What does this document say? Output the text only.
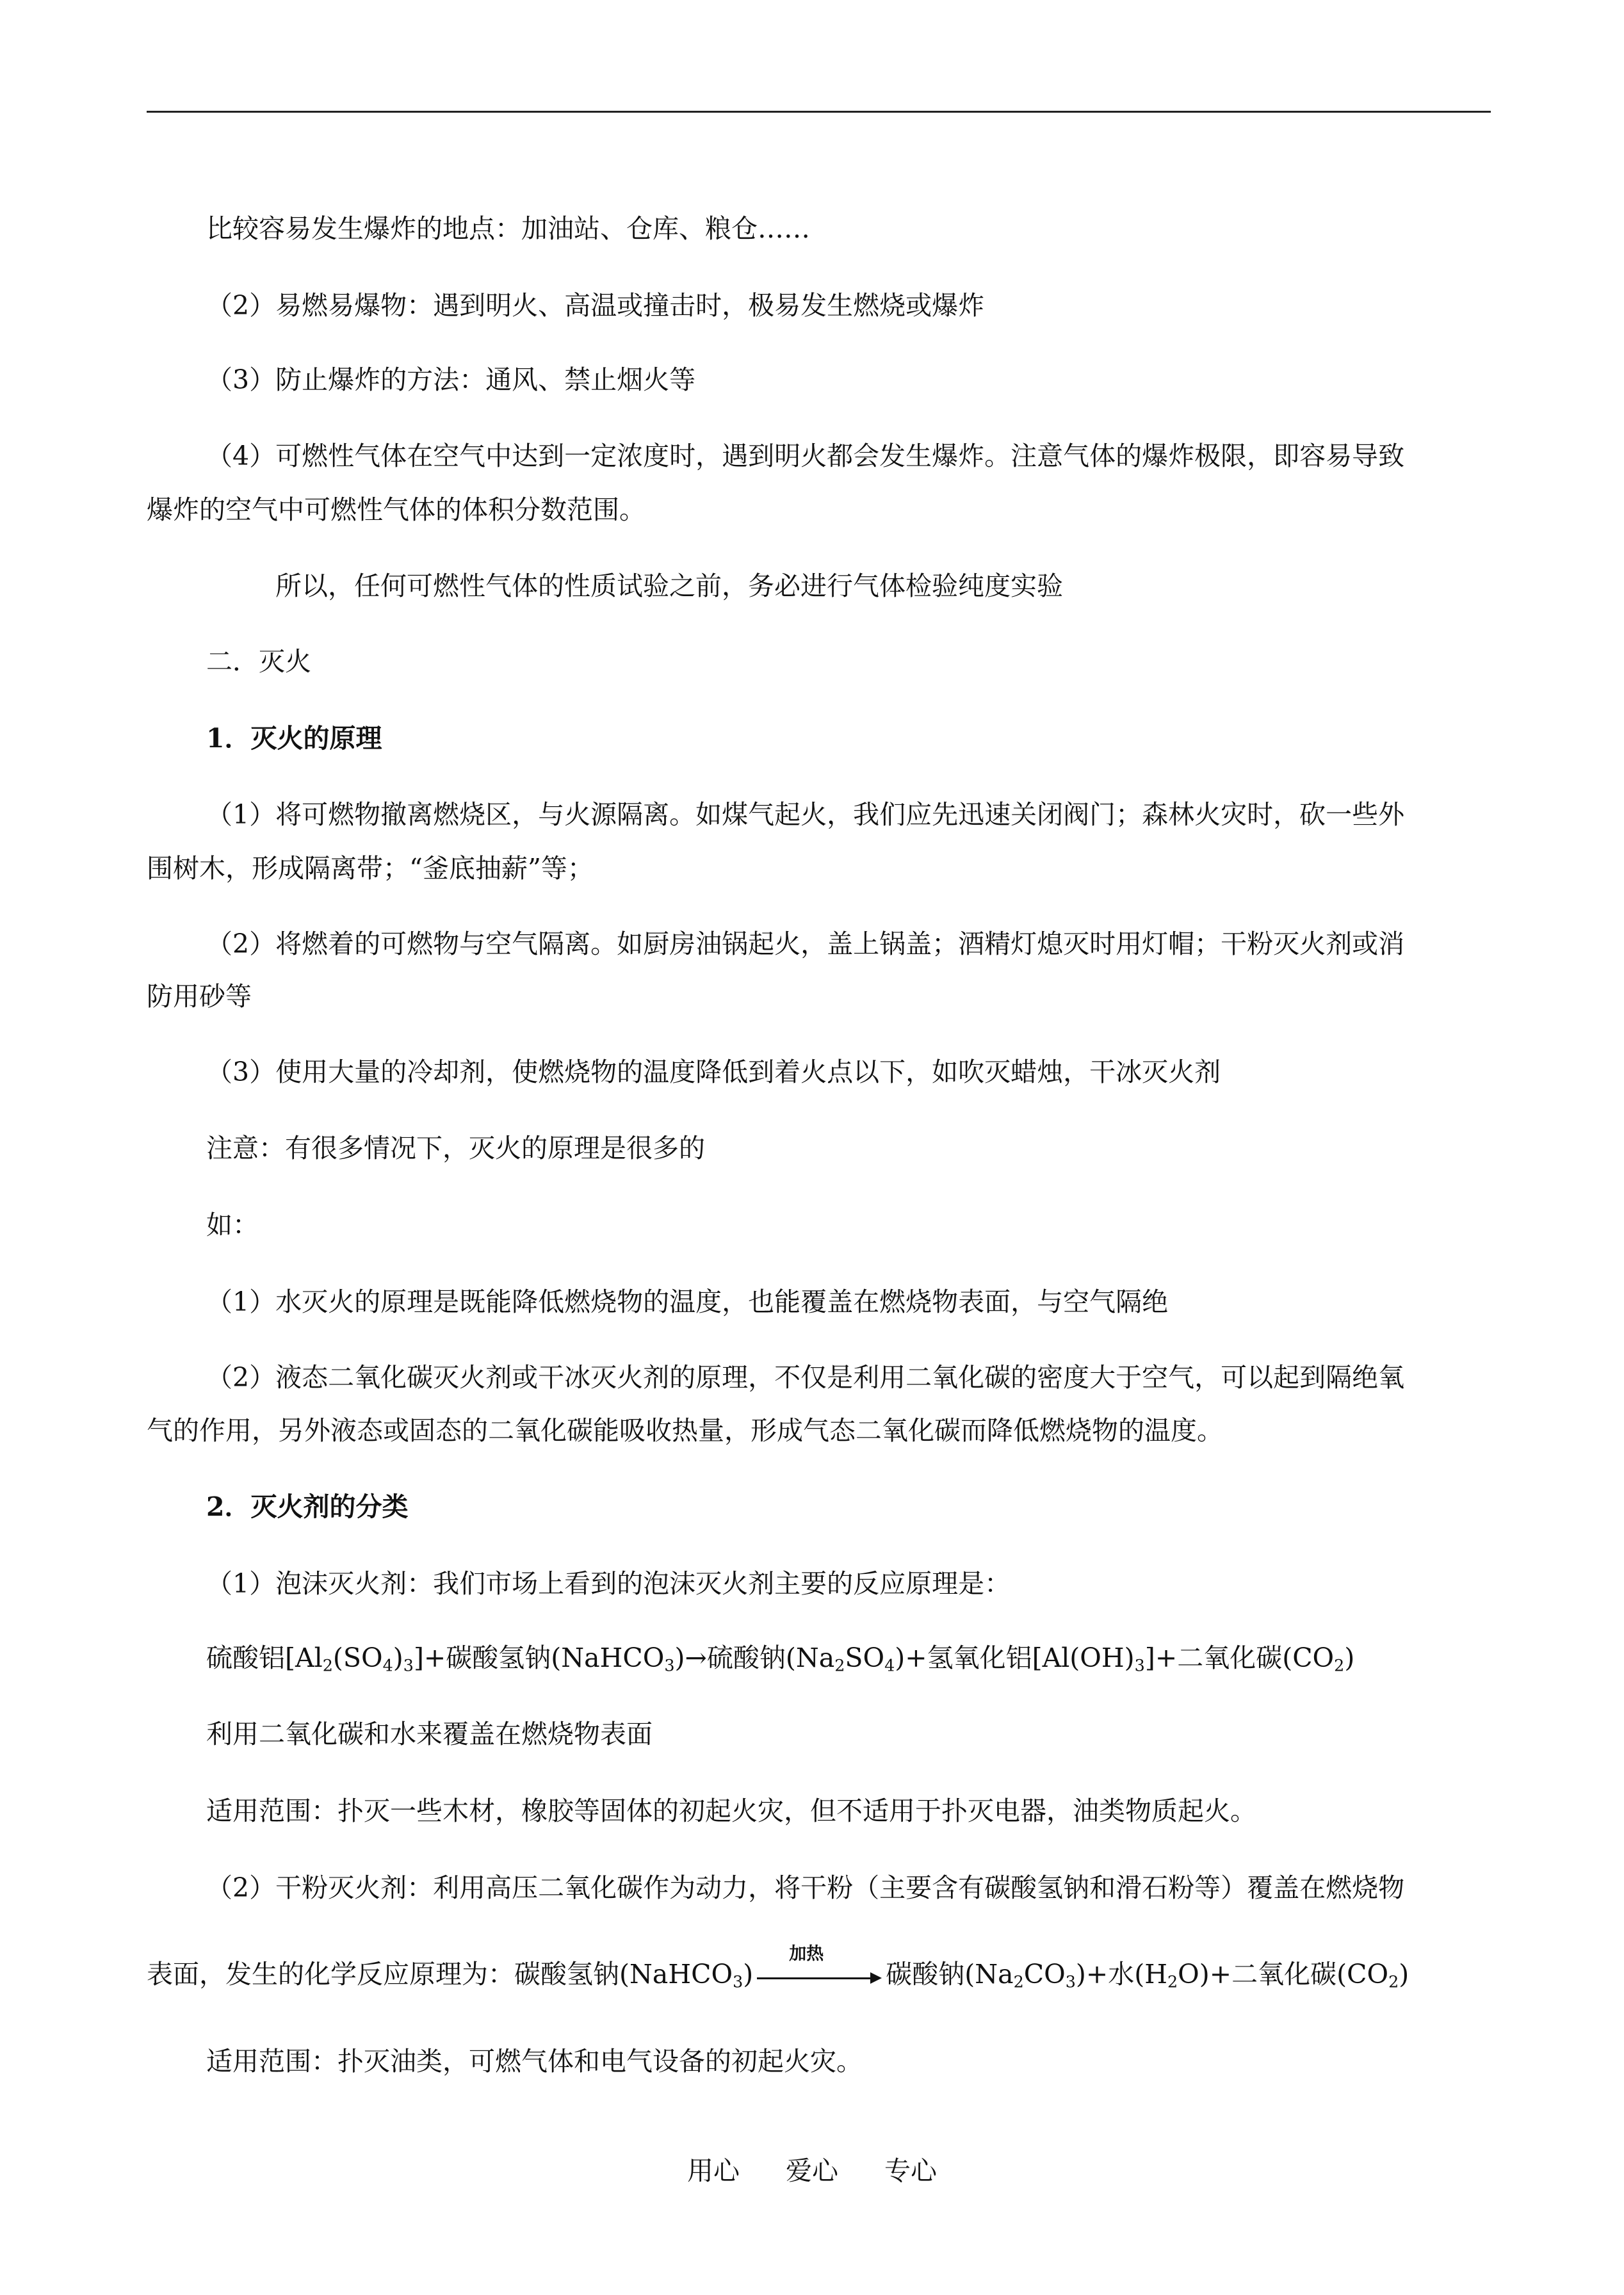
比较容易发生爆炸的地点：加油站、仓库、粮仓……
（2）易燃易爆物：遇到明火、高温或撞击时，极易发生燃烧或爆炸
（3）防止爆炸的方法：通风、禁止烟火等
（4）可燃性气体在空气中达到一定浓度时，遇到明火都会发生爆炸。注意气体的爆炸极限，即容易导致
爆炸的空气中可燃性气体的体积分数范围。
所以，任何可燃性气体的性质试验之前，务必进行气体检验纯度实验
二．灭火
1．灭火的原理
（1）将可燃物撤离燃烧区，与火源隔离。如煤气起火，我们应先迅速关闭阀门；森林火灾时，砍一些外
围树木，形成隔离带；“釜底抽薪”等；
（2）将燃着的可燃物与空气隔离。如厨房油锅起火，盖上锅盖；酒精灯熄灭时用灯帽；干粉灭火剂或消
防用砂等
（3）使用大量的冷却剂，使燃烧物的温度降低到着火点以下，如吹灭蜡烛，干冰灭火剂
注意：有很多情况下，灭火的原理是很多的
如：
（1）水灭火的原理是既能降低燃烧物的温度，也能覆盖在燃烧物表面，与空气隔绝
（2）液态二氧化碳灭火剂或干冰灭火剂的原理，不仅是利用二氧化碳的密度大于空气，可以起到隔绝氧
气的作用，另外液态或固态的二氧化碳能吸收热量，形成气态二氧化碳而降低燃烧物的温度。
2．灭火剂的分类
（1）泡沫灭火剂：我们市场上看到的泡沫灭火剂主要的反应原理是：
硫酸铝$[Al_2(SO_4)_3]+$碳酸氢钠(NaHCO$_3$)→硫酸钠$(Na_2SO_4)+$氢氧化铝$[Al(OH)_3]+$二氧化碳$(CO_2)$
利用二氧化碳和水来覆盖在燃烧物表面
适用范围：扑灭一些木材，橡胶等固体的初起火灾，但不适用于扑灭电器，油类物质起火。
（2）干粉灭火剂：利用高压二氧化碳作为动力，将干粉（主要含有碳酸氢钠和滑石粉等）覆盖在燃烧物
表面，发生的化学反应原理为：碳酸氢钠(NaHCO$_3$)
加热
碳酸钠$(Na_2CO_3)+$水$(H_2O)+$二氧化碳$(CO_2)$
适用范围：扑灭油类，可燃气体和电气设备的初起火灾。
用心 爱心 专心
